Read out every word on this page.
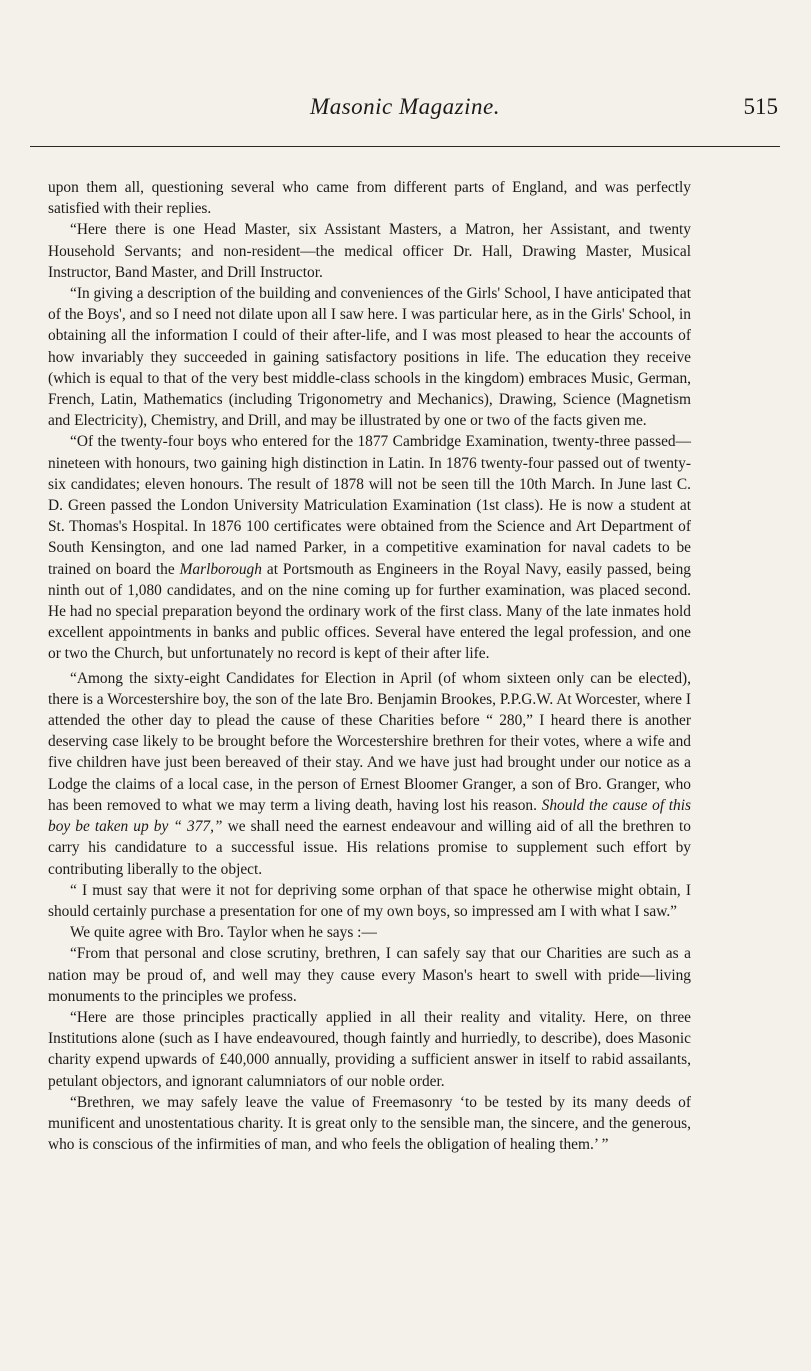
Masonic Magazine.	515

upon them all, questioning several who came from different parts of England, and was perfectly satisfied with their replies.

“Here there is one Head Master, six Assistant Masters, a Matron, her Assistant, and twenty Household Servants; and non-resident—the medical officer Dr. Hall, Drawing Master, Musical Instructor, Band Master, and Drill Instructor.

“In giving a description of the building and conveniences of the Girls' School, I have anticipated that of the Boys', and so I need not dilate upon all I saw here. I was particular here, as in the Girls' School, in obtaining all the information I could of their after-life, and I was most pleased to hear the accounts of how invariably they succeeded in gaining satisfactory positions in life. The education they receive (which is equal to that of the very best middle-class schools in the kingdom) embraces Music, German, French, Latin, Mathematics (including Trigonometry and Mechanics), Drawing, Science (Magnetism and Electricity), Chemistry, and Drill, and may be illustrated by one or two of the facts given me.

“Of the twenty-four boys who entered for the 1877 Cambridge Examination, twenty-three passed—nineteen with honours, two gaining high distinction in Latin. In 1876 twenty-four passed out of twenty-six candidates; eleven honours. The result of 1878 will not be seen till the 10th March. In June last C. D. Green passed the London University Matriculation Examination (1st class). He is now a student at St. Thomas's Hospital. In 1876 100 certificates were obtained from the Science and Art Department of South Kensington, and one lad named Parker, in a competitive examination for naval cadets to be trained on board the Marlborough at Portsmouth as Engineers in the Royal Navy, easily passed, being ninth out of 1,080 candidates, and on the nine coming up for further examination, was placed second. He had no special preparation beyond the ordinary work of the first class. Many of the late inmates hold excellent appointments in banks and public offices. Several have entered the legal profession, and one or two the Church, but unfortunately no record is kept of their after life.

“Among the sixty-eight Candidates for Election in April (of whom sixteen only can be elected), there is a Worcestershire boy, the son of the late Bro. Benjamin Brookes, P.P.G.W. At Worcester, where I attended the other day to plead the cause of these Charities before “ 280,” I heard there is another deserving case likely to be brought before the Worcestershire brethren for their votes, where a wife and five children have just been bereaved of their stay. And we have just had brought under our notice as a Lodge the claims of a local case, in the person of Ernest Bloomer Granger, a son of Bro. Granger, who has been removed to what we may term a living death, having lost his reason. Should the cause of this boy be taken up by “ 377,” we shall need the earnest endeavour and willing aid of all the brethren to carry his candidature to a successful issue. His relations promise to supplement such effort by contributing liberally to the object.

“ I must say that were it not for depriving some orphan of that space he otherwise might obtain, I should certainly purchase a presentation for one of my own boys, so impressed am I with what I saw.”

We quite agree with Bro. Taylor when he says :—

“From that personal and close scrutiny, brethren, I can safely say that our Charities are such as a nation may be proud of, and well may they cause every Mason's heart to swell with pride—living monuments to the principles we profess.

“Here are those principles practically applied in all their reality and vitality. Here, on three Institutions alone (such as I have endeavoured, though faintly and hurriedly, to describe), does Masonic charity expend upwards of £40,000 annually, providing a sufficient answer in itself to rabid assailants, petulant objectors, and ignorant calumniators of our noble order.

“Brethren, we may safely leave the value of Freemasonry ‘to be tested by its many deeds of munificent and unostentatious charity. It is great only to the sensible man, the sincere, and the generous, who is conscious of the infirmities of man, and who feels the obligation of healing them.’ ”
